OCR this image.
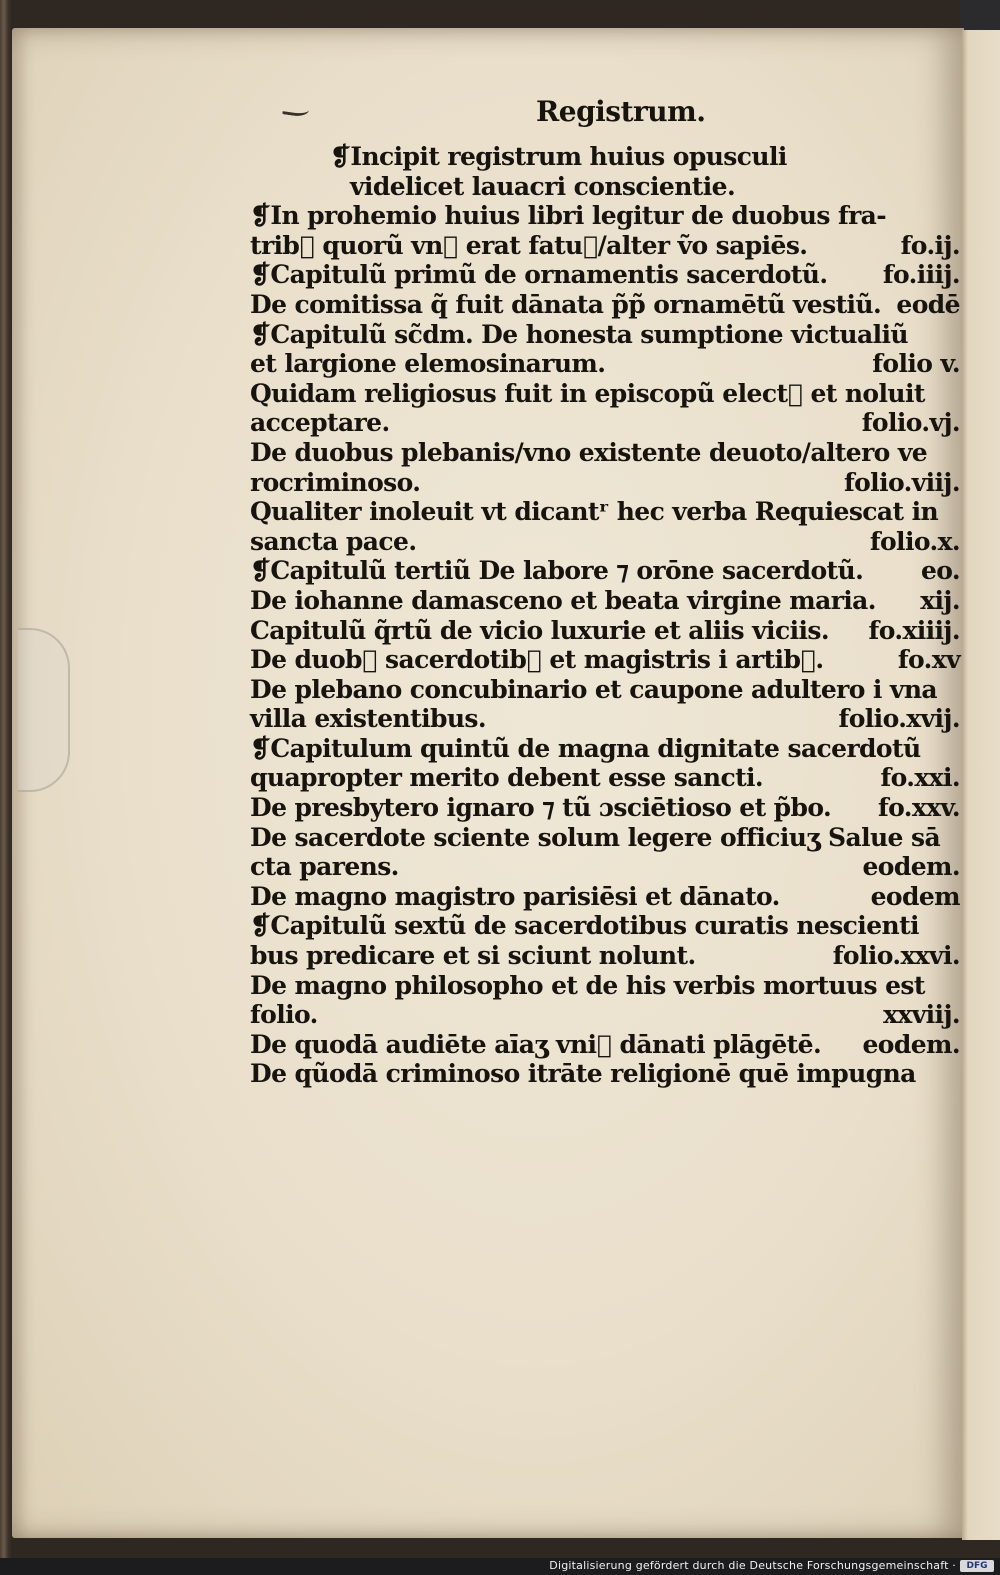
Registrum.
❡Incipit registrum huius opusculi
videlicet lauacri conscientie.
❡In prohemio huius libri legitur de duobus fra‑
trib᷒ quorũ vn᷒ erat fatu᷒/alter ṽo sapiēs.	fo.ij.
❡Capitulũ primũ de ornamentis sacerdotũ. fo.iiij.
De comitissa q̃ fuit dānata p̃p̃ ornamētũ vestiũ. eodē
❡Capitulũ sc̃dm. De honesta sumptione victualiũ
et largione elemosinarum.	folio v.
Quidam religiosus fuit in episcopũ elect᷒ et noluit
acceptare.	folio.vj.
De duobus plebanis/vno existente deuoto/altero ve
rocriminoso.	folio.viij.
Qualiter inoleuit vt dicantʳ hec verba Requiescat in
sancta pace.	folio.x.
❡Capitulũ tertiũ De labore ⁊ orōne sacerdotũ. eo.
De iohanne damasceno et beata virgine maria. xij.
Capitulũ q̃rtũ de vicio luxurie et aliis viciis. fo.xiiij.
De duob᷒ sacerdotib᷒ et magistris i artib᷒.	fo.xv
De plebano concubinario et caupone adultero i vna
villa existentibus.	folio.xvij.
❡Capitulum quintũ de magna dignitate sacerdotũ
quapropter merito debent esse sancti.	fo.xxi.
De presbytero ignaro ⁊ tũ ɔsciētioso et p̃bo. fo.xxv.
De sacerdote sciente solum legere officiuʒ Salue sā
cta parens.	eodem.
De magno magistro parisiēsi et dānato.	eodem
❡Capitulũ sextũ de sacerdotibus curatis nescienti
bus predicare et si sciunt nolunt.	folio.xxvi.
De magno philosopho et de his verbis mortuus est
folio.	xxviij.
De quodā audiēte aīaʒ vni᷒ dānati plāgētē. eodem.
De qũodā criminoso itrāte religionē quē impugna
Digitalisierung gefördert durch die Deutsche Forschungsgemeinschaft ·	DFG
